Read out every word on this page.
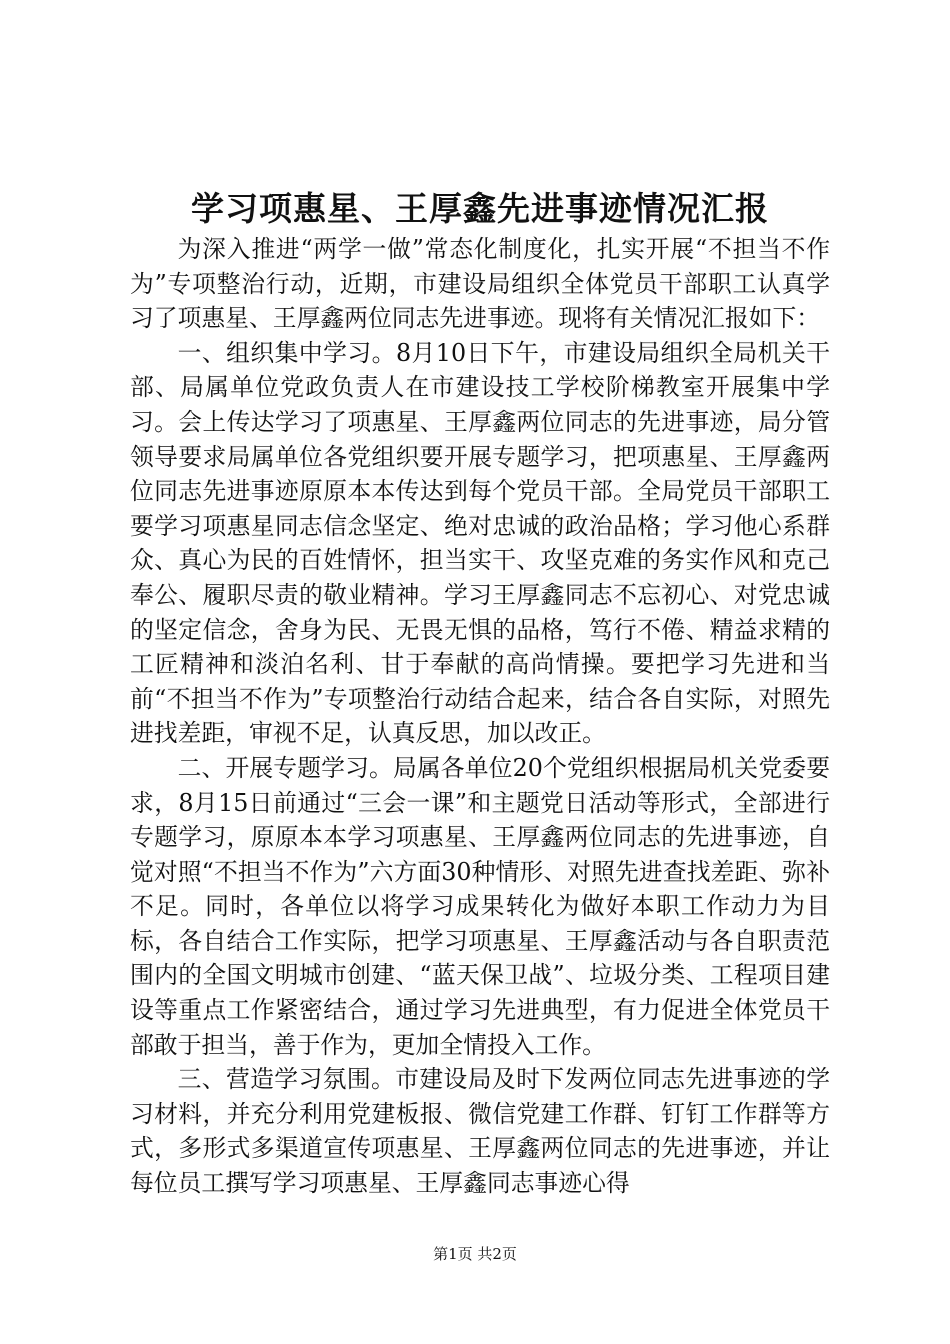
学习项惠星、王厚鑫先进事迹情况汇报

为深入推进“两学一做”常态化制度化，扎实开展“不担当不作为”专项整治行动，近期，市建设局组织全体党员干部职工认真学习了项惠星、王厚鑫两位同志先进事迹。现将有关情况汇报如下：

一、组织集中学习。8月10日下午，市建设局组织全局机关干部、局属单位党政负责人在市建设技工学校阶梯教室开展集中学习。会上传达学习了项惠星、王厚鑫两位同志的先进事迹，局分管领导要求局属单位各党组织要开展专题学习，把项惠星、王厚鑫两位同志先进事迹原原本本传达到每个党员干部。全局党员干部职工要学习项惠星同志信念坚定、绝对忠诚的政治品格；学习他心系群众、真心为民的百姓情怀，担当实干、攻坚克难的务实作风和克己奉公、履职尽责的敬业精神。学习王厚鑫同志不忘初心、对党忠诚的坚定信念，舍身为民、无畏无惧的品格，笃行不倦、精益求精的工匠精神和淡泊名利、甘于奉献的高尚情操。要把学习先进和当前“不担当不作为”专项整治行动结合起来，结合各自实际，对照先进找差距，审视不足，认真反思，加以改正。

二、开展专题学习。局属各单位20个党组织根据局机关党委要求，8月15日前通过“三会一课”和主题党日活动等形式，全部进行专题学习，原原本本学习项惠星、王厚鑫两位同志的先进事迹，自觉对照“不担当不作为”六方面30种情形、对照先进查找差距、弥补不足。同时，各单位以将学习成果转化为做好本职工作动力为目标，各自结合工作实际，把学习项惠星、王厚鑫活动与各自职责范围内的全国文明城市创建、“蓝天保卫战”、垃圾分类、工程项目建设等重点工作紧密结合，通过学习先进典型，有力促进全体党员干部敢于担当，善于作为，更加全情投入工作。

三、营造学习氛围。市建设局及时下发两位同志先进事迹的学习材料，并充分利用党建板报、微信党建工作群、钉钉工作群等方式，多形式多渠道宣传项惠星、王厚鑫两位同志的先进事迹，并让每位员工撰写学习项惠星、王厚鑫同志事迹心得

第1页 共2页
